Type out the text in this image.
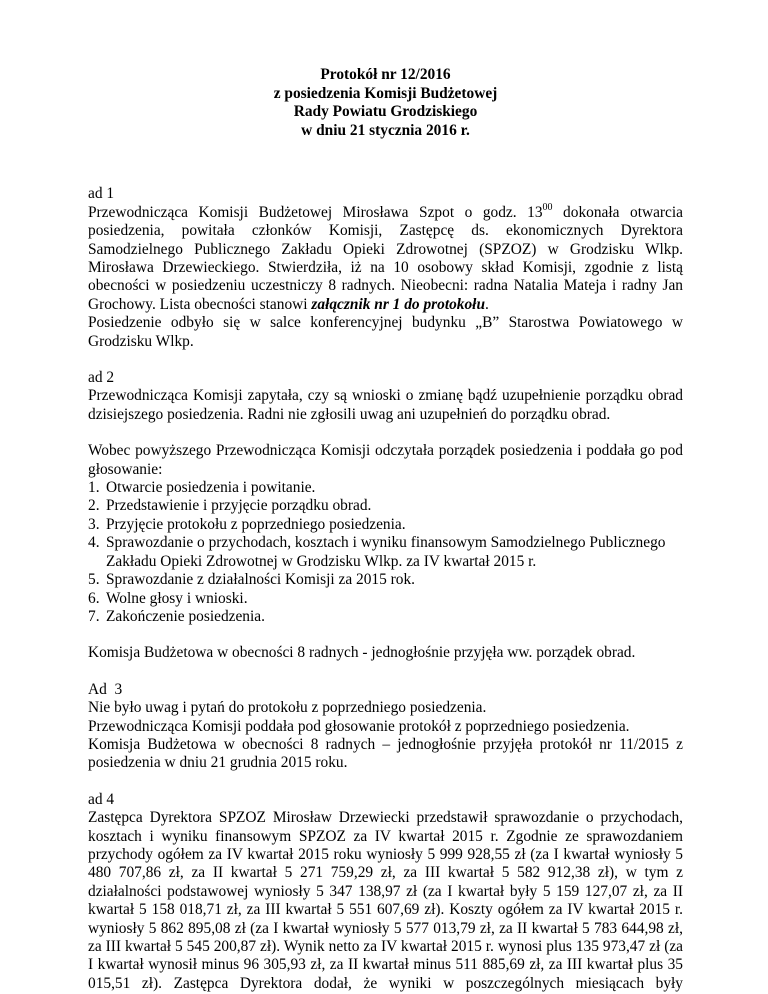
Protokół nr 12/2016
z posiedzenia Komisji Budżetowej
Rady Powiatu Grodziskiego
w dniu 21 stycznia 2016 r.

ad 1

Przewodnicząca Komisji Budżetowej Mirosława Szpot o godz. $13^{00}$ dokonała otwarcia posiedzenia, powitała członków Komisji, Zastępcę ds. ekonomicznych Dyrektora Samodzielnego Publicznego Zakładu Opieki Zdrowotnej (SPZOZ) w Grodzisku Wlkp. Mirosława Drzewieckiego. Stwierdziła, iż na 10 osobowy skład Komisji, zgodnie z listą obecności w posiedzeniu uczestniczy 8 radnych. Nieobecni: radna Natalia Mateja i radny Jan Grochowy. Lista obecności stanowi załącznik nr 1 do protokołu.

Posiedzenie odbyło się w salce konferencyjnej budynku „B” Starostwa Powiatowego w Grodzisku Wlkp.

ad 2

Przewodnicząca Komisji zapytała, czy są wnioski o zmianę bądź uzupełnienie porządku obrad dzisiejszego posiedzenia. Radni nie zgłosili uwag ani uzupełnień do porządku obrad.

Wobec powyższego Przewodnicząca Komisji odczytała porządek posiedzenia i poddała go pod głosowanie:

1. Otwarcie posiedzenia i powitanie.
2. Przedstawienie i przyjęcie porządku obrad.
3. Przyjęcie protokołu z poprzedniego posiedzenia.
4. Sprawozdanie o przychodach, kosztach i wyniku finansowym Samodzielnego Publicznego Zakładu Opieki Zdrowotnej w Grodzisku Wlkp. za IV kwartał 2015 r.
5. Sprawozdanie z działalności Komisji za 2015 rok.
6. Wolne głosy i wnioski.
7. Zakończenie posiedzenia.

Komisja Budżetowa w obecności 8 radnych - jednogłośnie przyjęła ww. porządek obrad.

Ad  3

Nie było uwag i pytań do protokołu z poprzedniego posiedzenia.

Przewodnicząca Komisji poddała pod głosowanie protokół z poprzedniego posiedzenia.

Komisja Budżetowa w obecności 8 radnych – jednogłośnie przyjęła protokół nr 11/2015 z posiedzenia w dniu 21 grudnia 2015 roku.

ad 4

Zastępca Dyrektora SPZOZ Mirosław Drzewiecki przedstawił sprawozdanie o przychodach, kosztach i wyniku finansowym SPZOZ za IV kwartał 2015 r. Zgodnie ze sprawozdaniem przychody ogółem za IV kwartał 2015 roku wyniosły 5 999 928,55 zł (za I kwartał wyniosły 5 480 707,86 zł, za II kwartał 5 271 759,29 zł, za III kwartał 5 582 912,38 zł), w tym z działalności podstawowej wyniosły 5 347 138,97 zł (za I kwartał były 5 159 127,07 zł, za II kwartał 5 158 018,71 zł, za III kwartał 5 551 607,69 zł). Koszty ogółem za IV kwartał 2015 r. wyniosły 5 862 895,08 zł (za I kwartał wyniosły 5 577 013,79 zł, za II kwartał 5 783 644,98 zł, za III kwartał 5 545 200,87 zł). Wynik netto za IV kwartał 2015 r. wynosi plus 135 973,47 zł (za I kwartał wynosił minus 96 305,93 zł, za II kwartał minus 511 885,69 zł, za III kwartał plus 35 015,51 zł). Zastępca Dyrektora dodał, że wyniki w poszczególnych miesiącach były
